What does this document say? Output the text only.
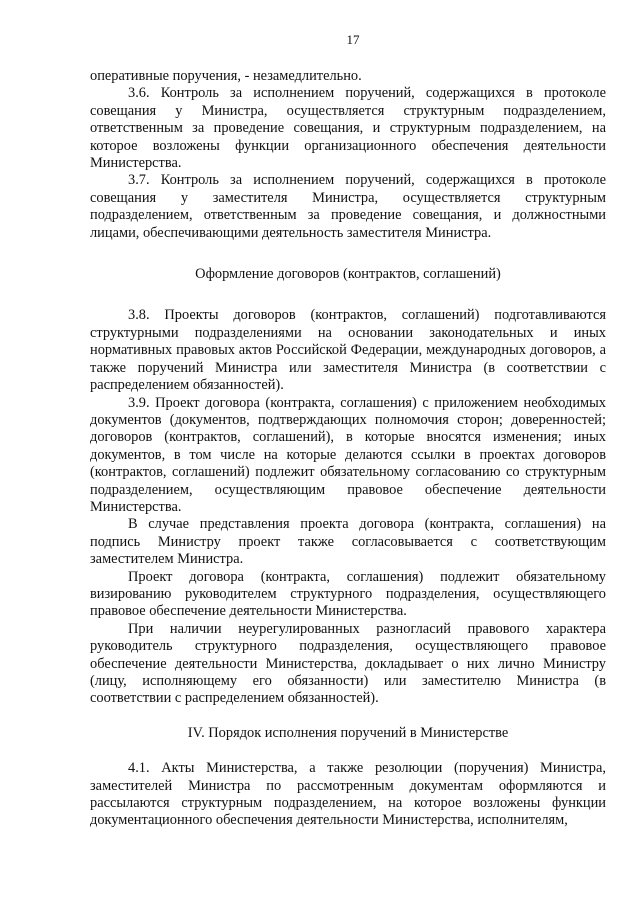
17

оперативные поручения, - незамедлительно.

3.6. Контроль за исполнением поручений, содержащихся в протоколе совещания у Министра, осуществляется структурным подразделением, ответственным за проведение совещания, и структурным подразделением, на которое возложены функции организационного обеспечения деятельности Министерства.

3.7. Контроль за исполнением поручений, содержащихся в протоколе совещания у заместителя Министра, осуществляется структурным подразделением, ответственным за проведение совещания, и должностными лицами, обеспечивающими деятельность заместителя Министра.

Оформление договоров (контрактов, соглашений)

3.8. Проекты договоров (контрактов, соглашений) подготавливаются структурными подразделениями на основании законодательных и иных нормативных правовых актов Российской Федерации, международных договоров, а также поручений Министра или заместителя Министра (в соответствии с распределением обязанностей).

3.9. Проект договора (контракта, соглашения) с приложением необходимых документов (документов, подтверждающих полномочия сторон; доверенностей; договоров (контрактов, соглашений), в которые вносятся изменения; иных документов, в том числе на которые делаются ссылки в проектах договоров (контрактов, соглашений) подлежит обязательному согласованию со структурным подразделением, осуществляющим правовое обеспечение деятельности Министерства.

В случае представления проекта договора (контракта, соглашения) на подпись Министру проект также согласовывается с соответствующим заместителем Министра.

Проект договора (контракта, соглашения) подлежит обязательному визированию руководителем структурного подразделения, осуществляющего правовое обеспечение деятельности Министерства.

При наличии неурегулированных разногласий правового характера руководитель структурного подразделения, осуществляющего правовое обеспечение деятельности Министерства, докладывает о них лично Министру (лицу, исполняющему его обязанности) или заместителю Министра (в соответствии с распределением обязанностей).

IV. Порядок исполнения поручений в Министерстве

4.1. Акты Министерства, а также резолюции (поручения) Министра, заместителей Министра по рассмотренным документам оформляются и рассылаются структурным подразделением, на которое возложены функции документационного обеспечения деятельности Министерства, исполнителям,
